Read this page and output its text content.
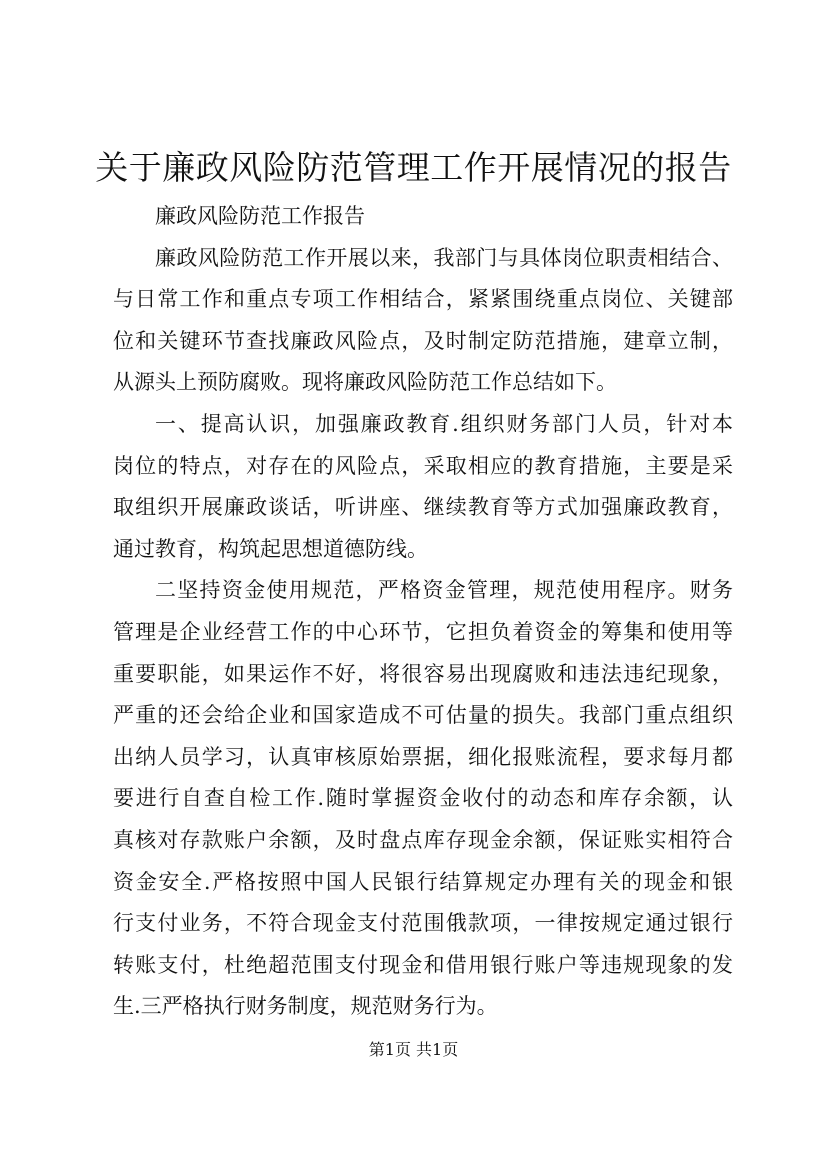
关于廉政风险防范管理工作开展情况的报告
廉政风险防范工作报告
廉政风险防范工作开展以来，我部门与具体岗位职责相结合、
与日常工作和重点专项工作相结合，紧紧围绕重点岗位、关键部
位和关键环节查找廉政风险点，及时制定防范措施，建章立制，
从源头上预防腐败。现将廉政风险防范工作总结如下。
一、提高认识，加强廉政教育.组织财务部门人员，针对本
岗位的特点，对存在的风险点，采取相应的教育措施，主要是采
取组织开展廉政谈话，听讲座、继续教育等方式加强廉政教育，
通过教育，构筑起思想道德防线。
二坚持资金使用规范，严格资金管理，规范使用程序。财务
管理是企业经营工作的中心环节，它担负着资金的筹集和使用等
重要职能，如果运作不好，将很容易出现腐败和违法违纪现象，
严重的还会给企业和国家造成不可估量的损失。我部门重点组织
出纳人员学习，认真审核原始票据，细化报账流程，要求每月都
要进行自查自检工作.随时掌握资金收付的动态和库存余额，认
真核对存款账户余额，及时盘点库存现金余额，保证账实相符合
资金安全.严格按照中国人民银行结算规定办理有关的现金和银
行支付业务，不符合现金支付范围俄款项，一律按规定通过银行
转账支付，杜绝超范围支付现金和借用银行账户等违规现象的发
生.三严格执行财务制度，规范财务行为。
第1页 共1页
